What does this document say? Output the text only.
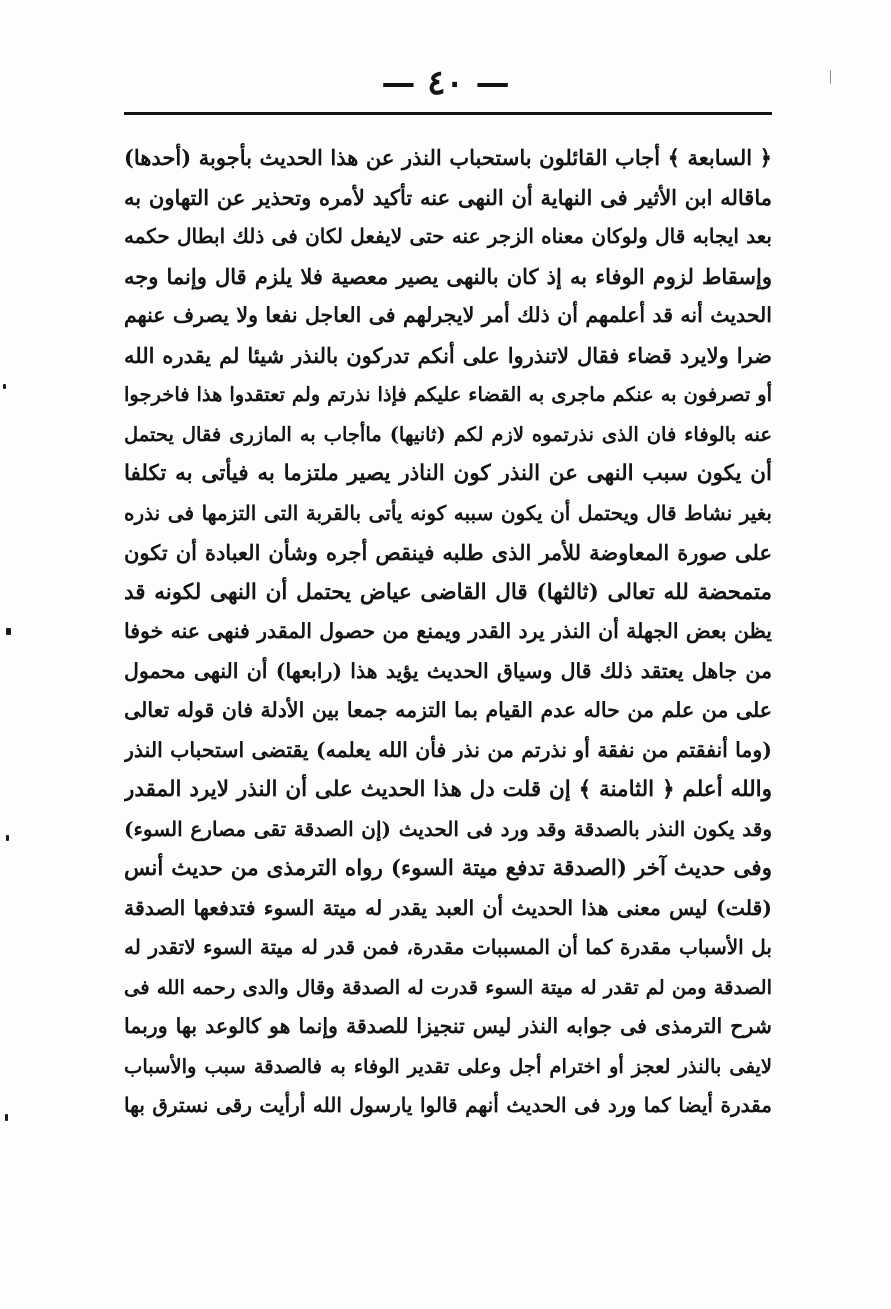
— ٤٠ —
﴿ السابعة ﴾ أجاب القائلون باستحباب النذر عن هذا الحديث بأجوبة (أحدها)
ماقاله ابن الأثير فى النهاية أن النهى عنه تأكيد لأمره وتحذير عن التهاون به
بعد ايجابه قال ولوكان معناه الزجر عنه حتى لايفعل لكان فى ذلك ابطال حكمه
وإسقاط لزوم الوفاء به إذ كان بالنهى يصير معصية فلا يلزم قال وإنما وجه
الحديث أنه قد أعلمهم أن ذلك أمر لايجرلهم فى العاجل نفعا ولا يصرف عنهم
ضرا ولايرد قضاء فقال لاتنذروا على أنكم تدركون بالنذر شيئا لم يقدره الله
أو تصرفون به عنكم ماجرى به القضاء عليكم فإذا نذرتم ولم تعتقدوا هذا فاخرجوا
عنه بالوفاء فان الذى نذرتموه لازم لكم (ثانيها) ماأجاب به المازرى فقال يحتمل
أن يكون سبب النهى عن النذر كون الناذر يصير ملتزما به فيأتى به تكلفا
بغير نشاط قال ويحتمل أن يكون سببه كونه يأتى بالقربة التى التزمها فى نذره
على صورة المعاوضة للأمر الذى طلبه فينقص أجره وشأن العبادة أن تكون
متمحضة لله تعالى (ثالثها) قال القاضى عياض يحتمل أن النهى لكونه قد
يظن بعض الجهلة أن النذر يرد القدر ويمنع من حصول المقدر فنهى عنه خوفا
من جاهل يعتقد ذلك قال وسياق الحديث يؤيد هذا (رابعها) أن النهى محمول
على من علم من حاله عدم القيام بما التزمه جمعا بين الأدلة فان قوله تعالى
(وما أنفقتم من نفقة أو نذرتم من نذر فأن الله يعلمه) يقتضى استحباب النذر
والله أعلم ﴿ الثامنة ﴾ إن قلت دل هذا الحديث على أن النذر لايرد المقدر
وقد يكون النذر بالصدقة وقد ورد فى الحديث (إن الصدقة تقى مصارع السوء)
وفى حديث آخر (الصدقة تدفع ميتة السوء) رواه الترمذى من حديث أنس
(قلت) ليس معنى هذا الحديث أن العبد يقدر له ميتة السوء فتدفعها الصدقة
بل الأسباب مقدرة كما أن المسببات مقدرة، فمن قدر له ميتة السوء لاتقدر له
الصدقة ومن لم تقدر له ميتة السوء قدرت له الصدقة وقال والدى رحمه الله فى
شرح الترمذى فى جوابه النذر ليس تنجيزا للصدقة وإنما هو كالوعد بها وربما
لايفى بالنذر لعجز أو اخترام أجل وعلى تقدير الوفاء به فالصدقة سبب والأسباب
مقدرة أيضا كما ورد فى الحديث أنهم قالوا يارسول الله أرأيت رقى نسترق بها
